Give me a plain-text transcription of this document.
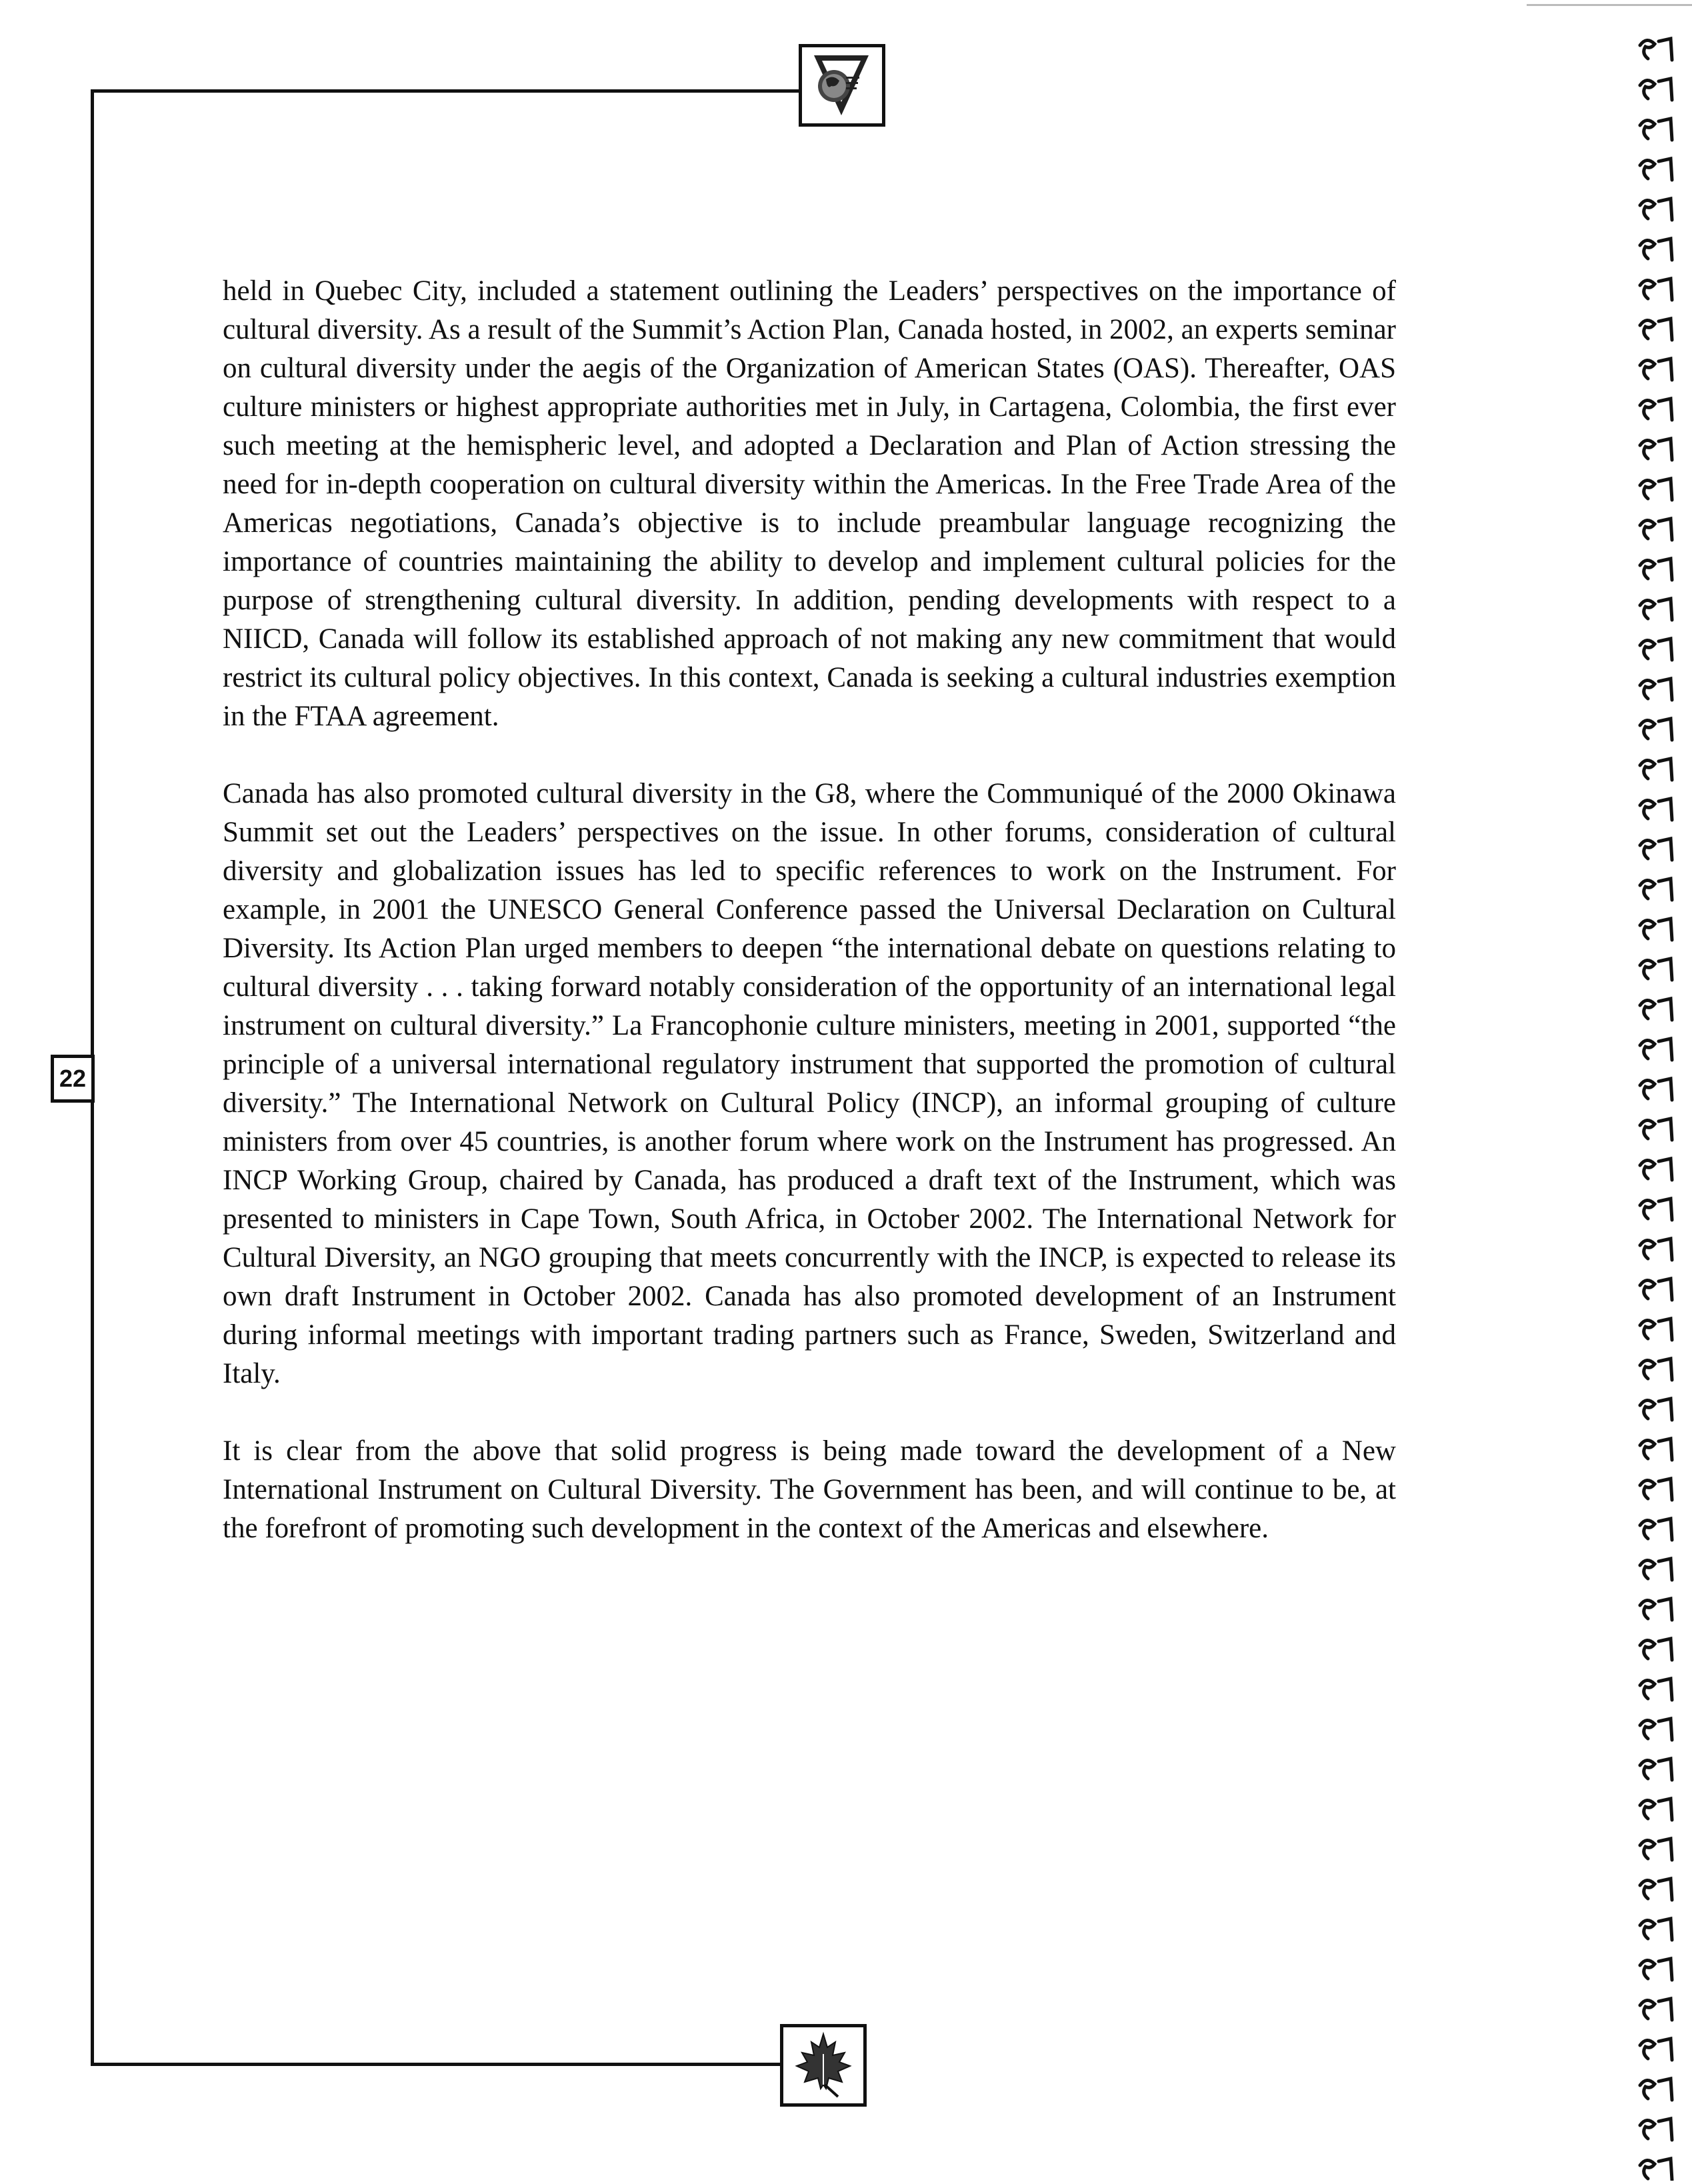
22

held in Quebec City, included a statement outlining the Leaders’ perspectives on the importance of cultural diversity. As a result of the Summit’s Action Plan, Canada hosted, in 2002, an experts seminar on cultural diversity under the aegis of the Organization of American States (OAS). Thereafter, OAS culture ministers or highest appropriate authorities met in July, in Cartagena, Colombia, the first ever such meeting at the hemispheric level, and adopted a Declaration and Plan of Action stressing the need for in-depth cooperation on cultural diversity within the Americas. In the Free Trade Area of the Americas negotiations, Canada’s objective is to include preambular language recognizing the importance of countries maintaining the ability to develop and implement cultural policies for the purpose of strengthening cultural diversity. In addition, pending developments with respect to a NIICD, Canada will follow its established approach of not making any new commitment that would restrict its cultural policy objectives. In this context, Canada is seeking a cultural industries exemption in the FTAA agreement.

Canada has also promoted cultural diversity in the G8, where the Communiqué of the 2000 Okinawa Summit set out the Leaders’ perspectives on the issue. In other forums, consideration of cultural diversity and globalization issues has led to specific references to work on the Instrument. For example, in 2001 the UNESCO General Conference passed the Universal Declaration on Cultural Diversity. Its Action Plan urged members to deepen “the international debate on questions relating to cultural diversity . . . taking forward notably consideration of the opportunity of an international legal instrument on cultural diversity.” La Francophonie culture ministers, meeting in 2001, supported “the principle of a universal international regulatory instrument that supported the promotion of cultural diversity.” The International Network on Cultural Policy (INCP), an informal grouping of culture ministers from over 45 countries, is another forum where work on the Instrument has progressed. An INCP Working Group, chaired by Canada, has produced a draft text of the Instrument, which was presented to ministers in Cape Town, South Africa, in October 2002. The International Network for Cultural Diversity, an NGO grouping that meets concurrently with the INCP, is expected to release its own draft Instrument in October 2002. Canada has also promoted development of an Instrument during informal meetings with important trading partners such as France, Sweden, Switzerland and Italy.

It is clear from the above that solid progress is being made toward the development of a New International Instrument on Cultural Diversity. The Government has been, and will continue to be, at the forefront of promoting such development in the context of the Americas and elsewhere.
